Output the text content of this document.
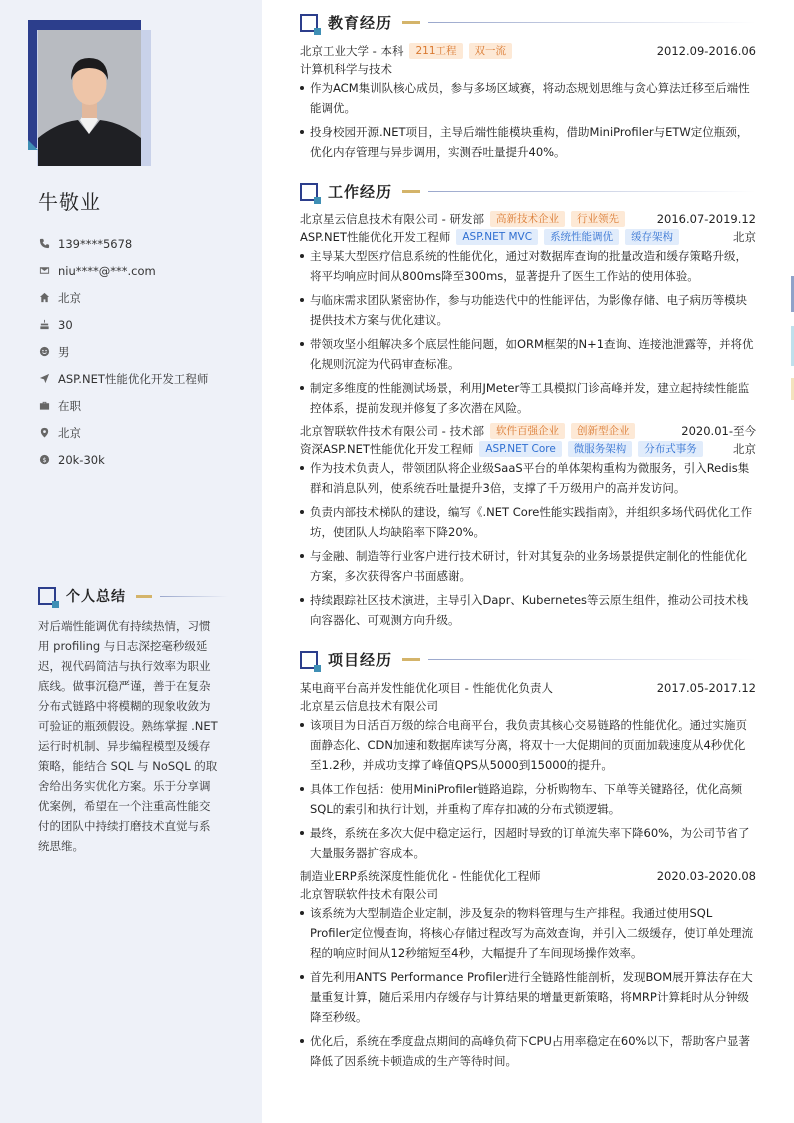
牛敬业
139****5678
niu****@***.com
北京
30
男
ASP.NET性能优化开发工程师
在职
北京
$ 20k-30k
个人总结
对后端性能调优有持续热情，习惯用 profiling 与日志深挖毫秒级延迟，视代码简洁与执行效率为职业底线。做事沉稳严谨，善于在复杂分布式链路中将模糊的现象收敛为可验证的瓶颈假设。熟练掌握 .NET 运行时机制、异步编程模型及缓存策略，能结合 SQL 与 NoSQL 的取舍给出务实优化方案。乐于分享调优案例，希望在一个注重高性能交付的团队中持续打磨技术直觉与系统思维。
教育经历
北京工业大学 - 本科	211工程	双一流	2012.09-2016.06
计算机科学与技术
作为ACM集训队核心成员，参与多场区域赛，将动态规划思维与贪心算法迁移至后端性能调优。
投身校园开源.NET项目，主导后端性能模块重构，借助MiniProfiler与ETW定位瓶颈，优化内存管理与异步调用，实测吞吐量提升40%。
工作经历
北京星云信息技术有限公司 - 研发部	高新技术企业	行业领先	2016.07-2019.12
ASP.NET性能优化开发工程师	ASP.NET MVC	系统性能调优	缓存架构	北京
主导某大型医疗信息系统的性能优化，通过对数据库查询的批量改造和缓存策略升级，将平均响应时间从800ms降至300ms，显著提升了医生工作站的使用体验。
与临床需求团队紧密协作，参与功能迭代中的性能评估，为影像存储、电子病历等模块提供技术方案与优化建议。
带领攻坚小组解决多个底层性能问题，如ORM框架的N+1查询、连接池泄露等，并将优化规则沉淀为代码审查标准。
制定多维度的性能测试场景，利用JMeter等工具模拟门诊高峰并发，建立起持续性能监控体系，提前发现并修复了多次潜在风险。
北京智联软件技术有限公司 - 技术部	软件百强企业	创新型企业	2020.01-至今
资深ASP.NET性能优化开发工程师	ASP.NET Core	微服务架构	分布式事务	北京
作为技术负责人，带领团队将企业级SaaS平台的单体架构重构为微服务，引入Redis集群和消息队列，使系统吞吐量提升3倍，支撑了千万级用户的高并发访问。
负责内部技术梯队的建设，编写《.NET Core性能实践指南》，并组织多场代码优化工作坊，使团队人均缺陷率下降20%。
与金融、制造等行业客户进行技术研讨，针对其复杂的业务场景提供定制化的性能优化方案，多次获得客户书面感谢。
持续跟踪社区技术演进，主导引入Dapr、Kubernetes等云原生组件，推动公司技术栈向容器化、可观测方向升级。
项目经历
某电商平台高并发性能优化项目 - 性能优化负责人	2017.05-2017.12
北京星云信息技术有限公司
该项目为日活百万级的综合电商平台，我负责其核心交易链路的性能优化。通过实施页面静态化、CDN加速和数据库读写分离，将双十一大促期间的页面加载速度从4秒优化至1.2秒，并成功支撑了峰值QPS从5000到15000的提升。
具体工作包括：使用MiniProfiler链路追踪，分析购物车、下单等关键路径，优化高频SQL的索引和执行计划，并重构了库存扣减的分布式锁逻辑。
最终，系统在多次大促中稳定运行，因超时导致的订单流失率下降60%，为公司节省了大量服务器扩容成本。
制造业ERP系统深度性能优化 - 性能优化工程师	2020.03-2020.08
北京智联软件技术有限公司
该系统为大型制造企业定制，涉及复杂的物料管理与生产排程。我通过使用SQL Profiler定位慢查询，将核心存储过程改写为高效查询，并引入二级缓存，使订单处理流程的响应时间从12秒缩短至4秒，大幅提升了车间现场操作效率。
首先利用ANTS Performance Profiler进行全链路性能剖析，发现BOM展开算法存在大量重复计算，随后采用内存缓存与计算结果的增量更新策略，将MRP计算耗时从分钟级降至秒级。
优化后，系统在季度盘点期间的高峰负荷下CPU占用率稳定在60%以下，帮助客户显著降低了因系统卡顿造成的生产等待时间。
